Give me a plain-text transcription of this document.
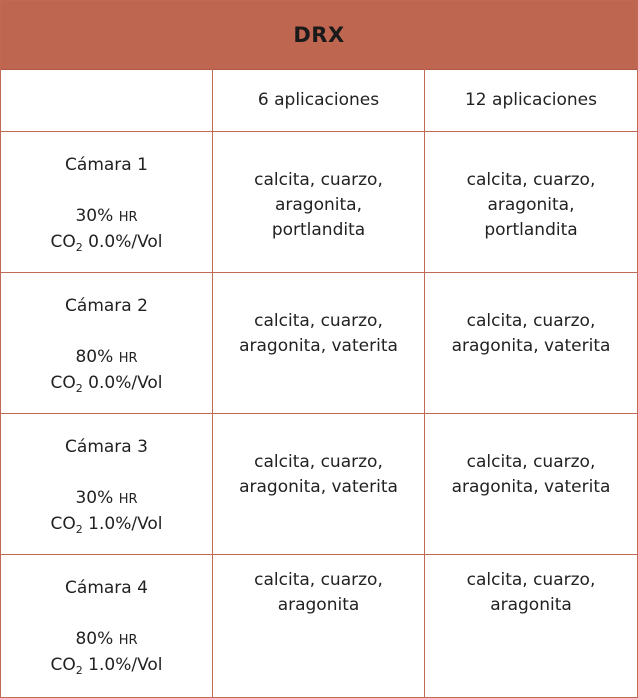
DRX
6 aplicaciones	12 aplicaciones
Cámara 1
30% HR
$CO_2$ 0.0%/Vol
calcita, cuarzo,
aragonita,
portlandita
calcita, cuarzo,
aragonita,
portlandita
Cámara 2
80% HR
$CO_2$ 0.0%/Vol
calcita, cuarzo,
aragonita, vaterita
calcita, cuarzo,
aragonita, vaterita
Cámara 3
30% HR
$CO_2$ 1.0%/Vol
calcita, cuarzo,
aragonita, vaterita
calcita, cuarzo,
aragonita, vaterita
Cámara 4
80% HR
$CO_2$ 1.0%/Vol
calcita, cuarzo,
aragonita
calcita, cuarzo,
aragonita
